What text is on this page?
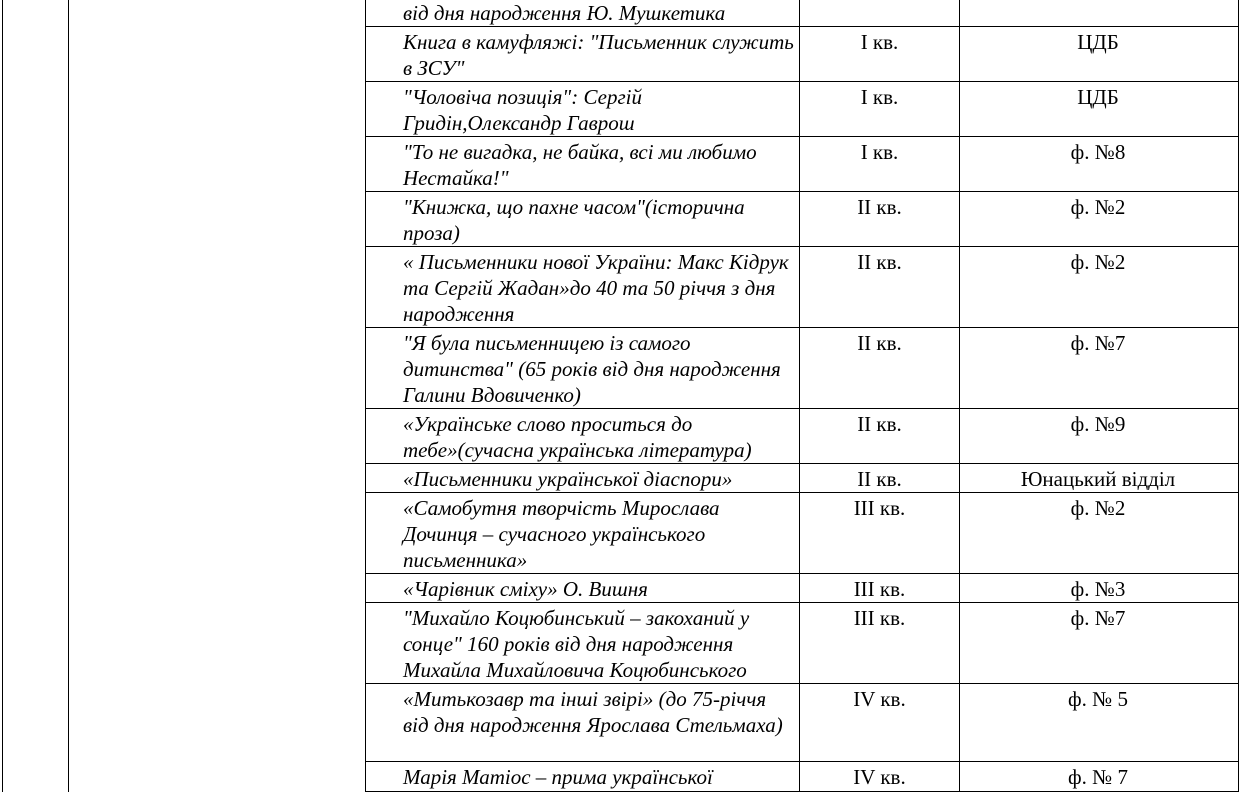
		від дня народження Ю. Мушкетика		
		Книга в камуфляжі: "Письменник служить в ЗСУ"	І кв.	ЦДБ
		"Чоловіча позиція": Сергій Гридін,Олександр Гаврош	І кв.	ЦДБ
		"То не вигадка, не байка, всі ми любимо Нестайка!"	І кв.	ф. №8
		"Книжка, що пахне часом"(історична проза)	ІІ кв.	ф. №2
		« Письменники нової України: Макс Кідрук та Сергій Жадан»до 40 та 50 річчя з дня народження	ІІ кв.	ф. №2
		"Я була письменницею із самого дитинства" (65 років від дня народження Галини Вдовиченко)	ІІ кв.	ф. №7
		«Українське слово проситься до тебе»(сучасна українська література)	ІІ кв.	ф. №9
		«Письменники української діаспори»	ІІ кв.	Юнацький відділ
		«Самобутня творчість Мирослава Дочинця – сучасного українського письменника»	ІІІ кв.	ф. №2
		«Чарівник сміху» О. Вишня	ІІІ кв.	ф. №3
		"Михайло Коцюбинський – закоханий у сонце" 160 років від дня народження Михайла Михайловича Коцюбинського	ІІІ кв.	ф. №7
		«Митькозавр та інші звірі» (до 75-річчя від дня народження Ярослава Стельмаха)	IV кв.	ф. № 5
		Марія Матіос – прима української	IV кв.	ф. № 7
